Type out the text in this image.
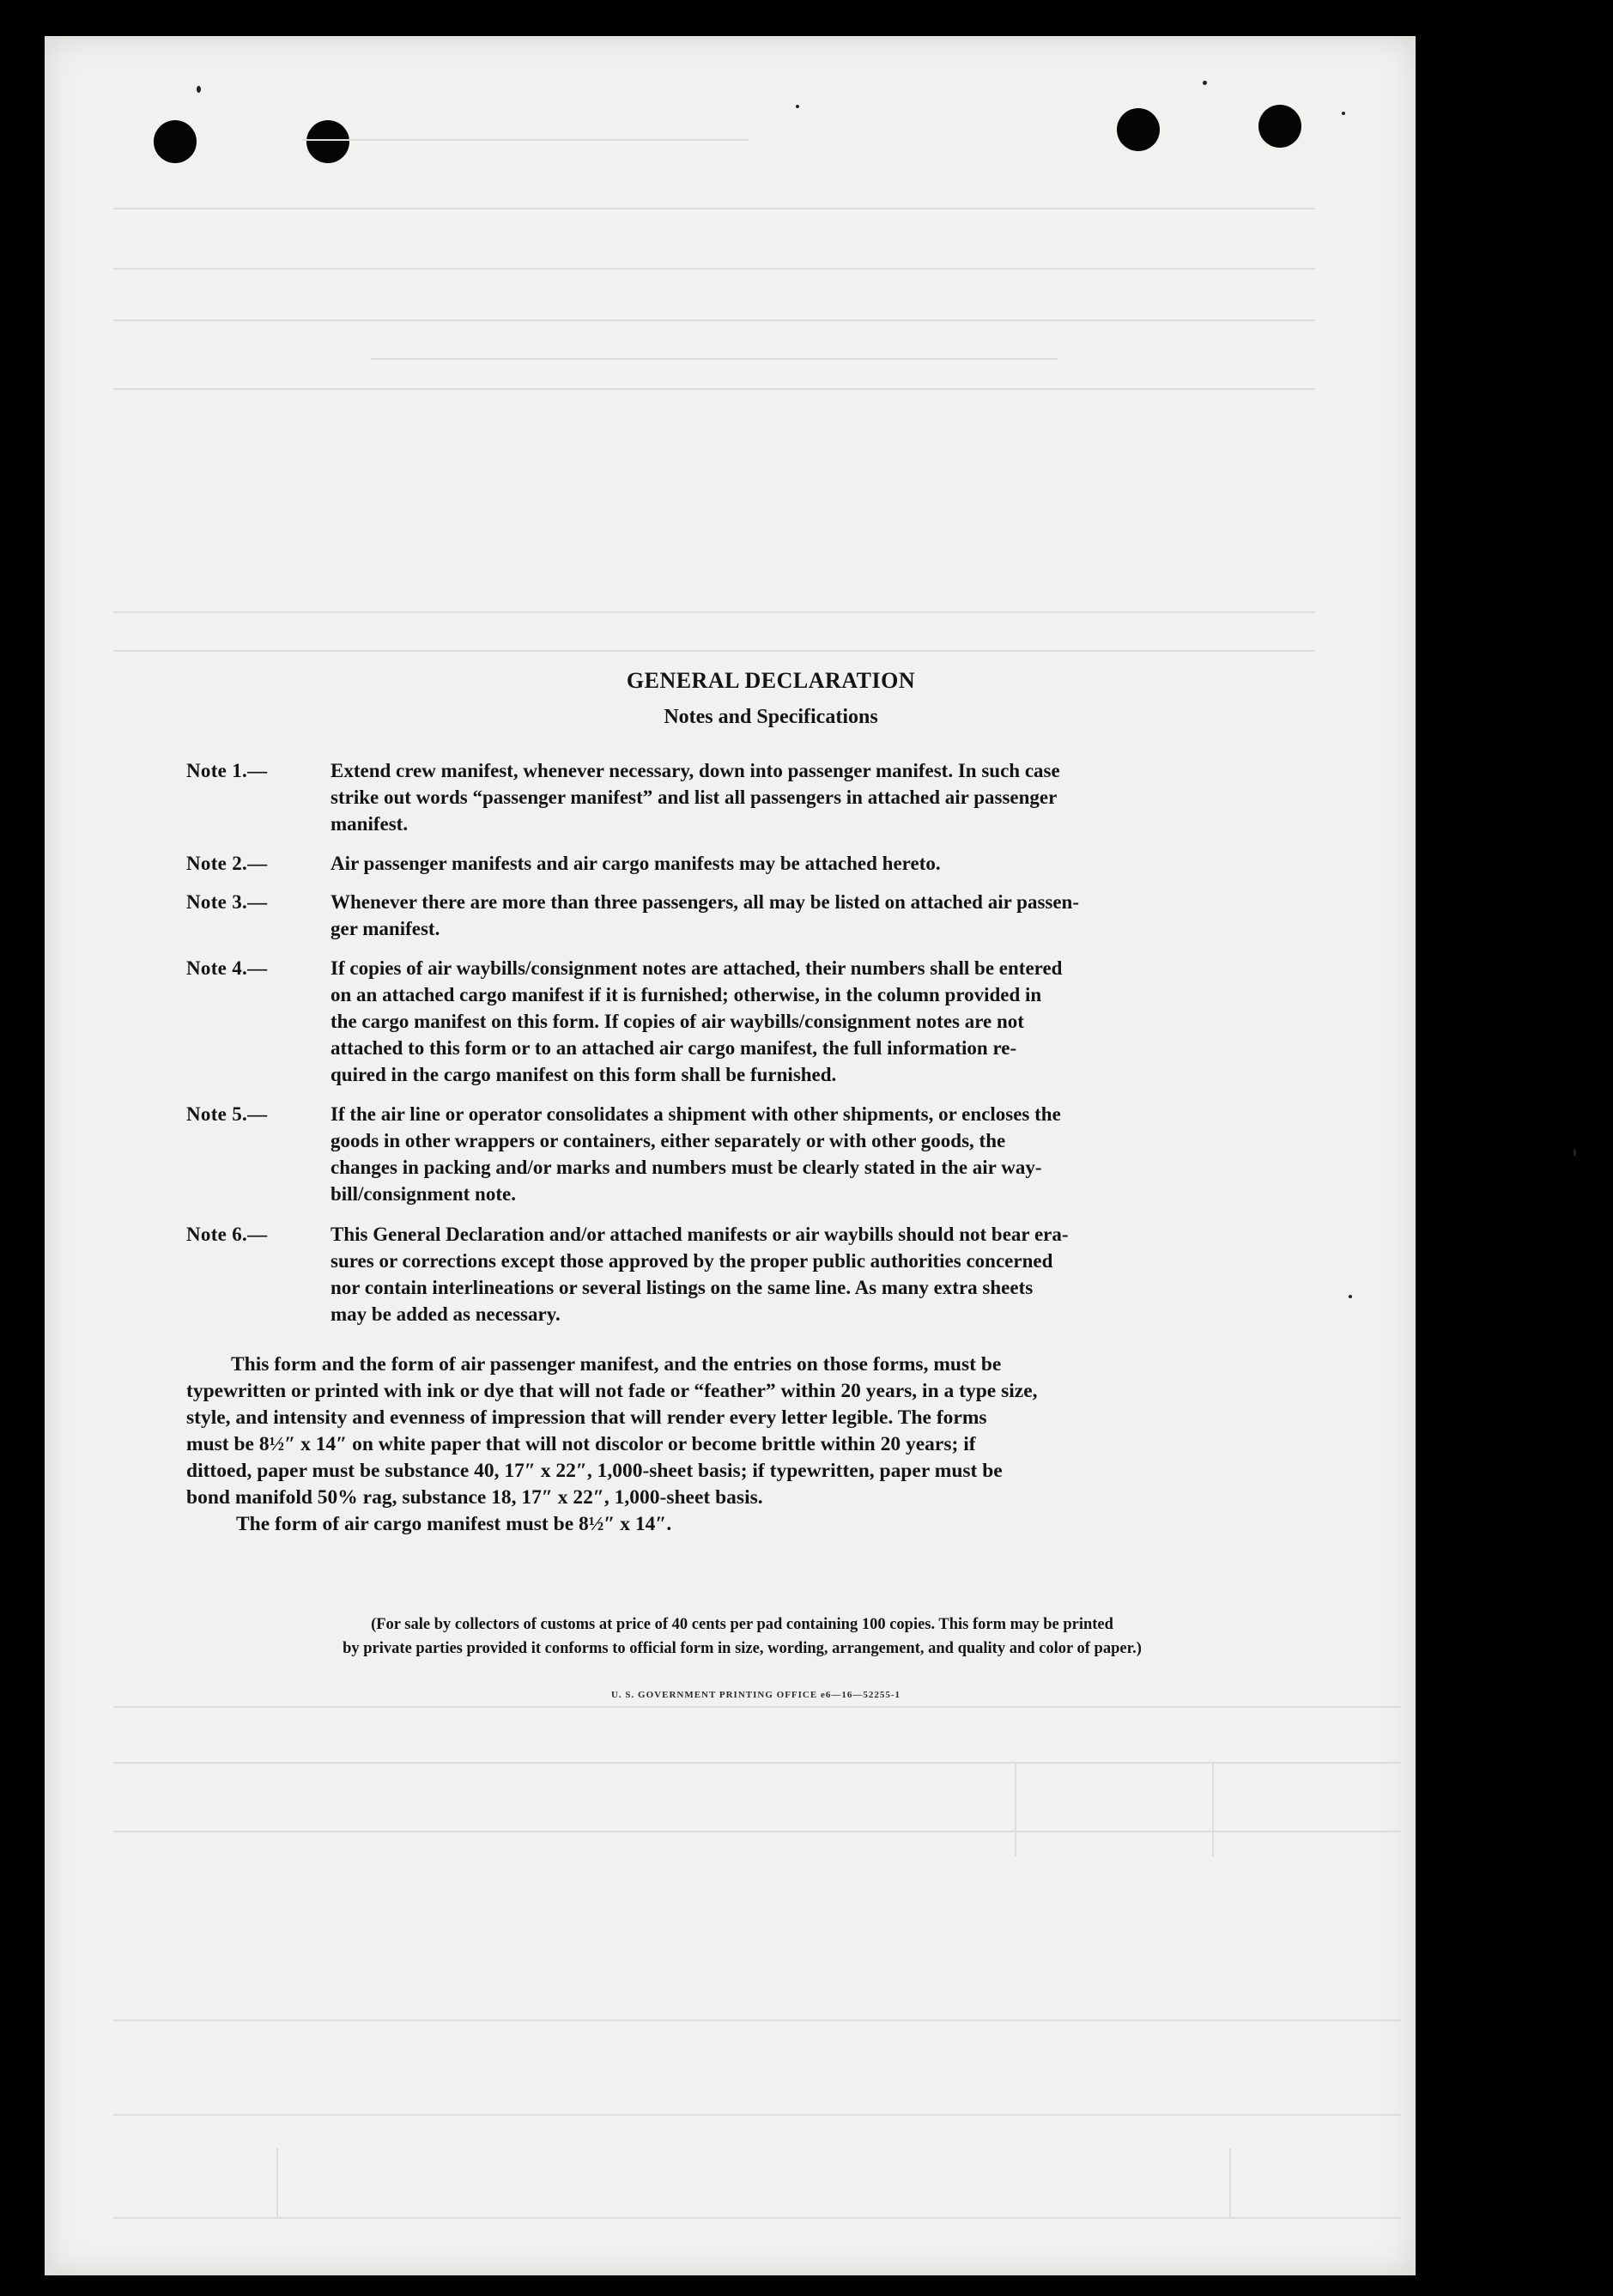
GENERAL DECLARATION
Notes and Specifications
Note 1.—	Extend crew manifest, whenever necessary, down into passenger manifest. In such case
strike out words “passenger manifest” and list all passengers in attached air passenger
manifest.
Note 2.—	Air passenger manifests and air cargo manifests may be attached hereto.
Note 3.—	Whenever there are more than three passengers, all may be listed on attached air passen-
ger manifest.
Note 4.—	If copies of air waybills/consignment notes are attached, their numbers shall be entered
on an attached cargo manifest if it is furnished; otherwise, in the column provided in
the cargo manifest on this form. If copies of air waybills/consignment notes are not
attached to this form or to an attached air cargo manifest, the full information re-
quired in the cargo manifest on this form shall be furnished.
Note 5.—	If the air line or operator consolidates a shipment with other shipments, or encloses the
goods in other wrappers or containers, either separately or with other goods, the
changes in packing and/or marks and numbers must be clearly stated in the air way-
bill/consignment note.
Note 6.—	This General Declaration and/or attached manifests or air waybills should not bear era-
sures or corrections except those approved by the proper public authorities concerned
nor contain interlineations or several listings on the same line. As many extra sheets
may be added as necessary.
This form and the form of air passenger manifest, and the entries on those forms, must be
typewritten or printed with ink or dye that will not fade or “feather” within 20 years, in a type size,
style, and intensity and evenness of impression that will render every letter legible. The forms
must be 8½″ x 14″ on white paper that will not discolor or become brittle within 20 years; if
dittoed, paper must be substance 40, 17″ x 22″, 1,000-sheet basis; if typewritten, paper must be
bond manifold 50% rag, substance 18, 17″ x 22″, 1,000-sheet basis.
The form of air cargo manifest must be 8½″ x 14″.
(For sale by collectors of customs at price of 40 cents per pad containing 100 copies. This form may be printed
by private parties provided it conforms to official form in size, wording, arrangement, and quality and color of paper.)
U. S. GOVERNMENT PRINTING OFFICE e6—16—52255-1
